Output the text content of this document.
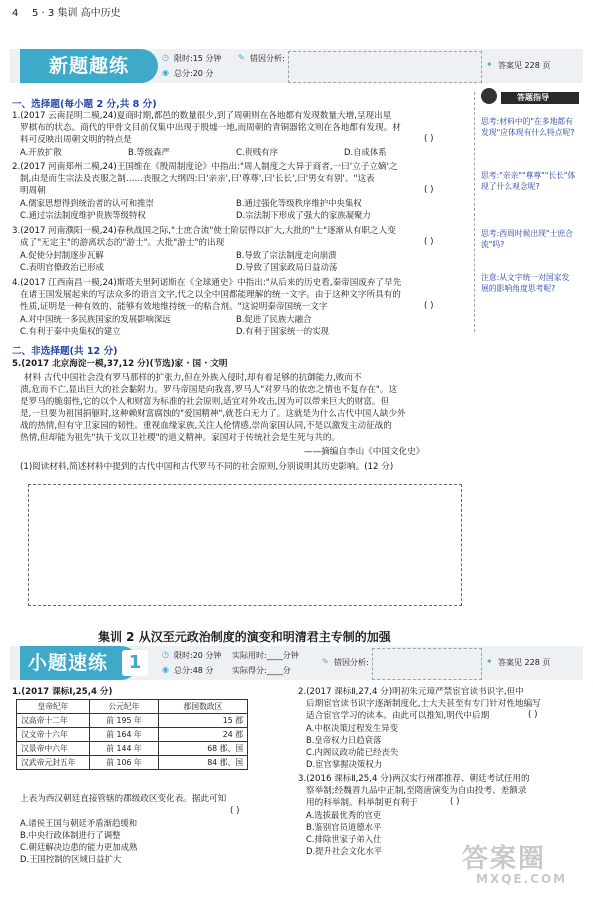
4 5 · 3 集训 高中历史
新题趣练	◷ 限时:15 分钟
◉ 总分:20 分
✎ 错因分析:
✦ 答案见 228 页
一、选择题(每小题 2 分,共 8 分)
1.(2017 云南昆明二模,24)夏商时期,都邑的数量很少,到了周朝则在各地都有发现数量大增,呈现出星
罗棋布的状态。商代的甲骨文目前仅集中出现于殷墟一地,而周朝的青铜器铭文则在各地都有发现。材
料可反映出周朝文明的特点是	( )
A.开放扩散	B.等级森严	C.贵贱有序	D.自成体系
2.(2017 河南郑州二模,24)王国维在《殷周制度论》中指出:"周人制度之大异于商者,一曰'立子立嫡'之
制,由是而生宗法及丧服之制……丧服之大纲四:曰'亲亲',曰'尊尊',曰'长长',曰'男女有别'。"这表
明周朝	( )
A.儒家思想得到统治者的认可和推崇	B.通过强化等级秩序维护中央集权
C.通过宗法制度维护贵族等级特权	D.宗法制下形成了强大的家族凝聚力
3.(2017 河南濮阳一模,24)春秋战国之际,"士庶合流"使士阶层得以扩大,大批的"士"逐渐从有职之人变
成了"无定主"的游离状态的"游士"。大批"游士"的出现	( )
A.促使分封制逐步瓦解	B.导致了宗法制度走向崩溃
C.表明官僚政治已形成	D.导致了国家政局日益动荡
4.(2017 江西南昌一模,24)斯塔夫里阿诺斯在《全球通史》中指出:"从后来的历史看,秦帝国废弃了早先
在诸王国发展起来的写法众多的语言文字,代之以全中国都能理解的统一文字。由于这种文字所具有的
性质,证明是一种有效的、能够有效地维持统一的粘合剂。"这说明秦帝国统一文字	( )
A.对中国统一多民族国家的发展影响深远	B.促进了民族大融合
C.有利于秦中央集权的建立	D.有利于国家统一的实现
二、非选择题(共 12 分)
5.(2017 北京海淀一模,37,12 分)(节选)家 · 国 · 文明
材料 古代中国社会没有罗马那样的扩张力,但在外族入侵时,却有着足够的抗御能力,败而不
溃,危而不亡,显出巨大的社会黏附力。罗马帝国是向我喜,罗马人"对罗马的依恋之情也不复存在"。这
是罗马的脆弱性,它的以个人和财富为标准的社会原则,适宜对外攻击,因为可以带来巨大的财富。但
是,一旦要为祖国捐躯时,这种赖财富腐蚀的"爱国精神",就苍白无力了。这就是为什么古代中国人缺少外
战的热情,但有守卫家园的韧性。重视血缘家族,关注人伦情感,崇尚家国认同,不是以激发主动征战的
热情,但却能为祖先"执干戈以卫社稷"的道义精神。家国对于传统社会是生死与共的。
——摘编自李山《中国文化史》
(1)阅读材料,简述材料中提到的古代中国和古代罗马不同的社会原则,分别说明其历史影响。(12 分)
答题指导
思考:材料中的"在多地都有发现"应体现有什么特点呢?
思考:"亲亲""尊尊""长长"体现了什么观念呢?
思考:西周时候出现"士庶合流"吗?
注意:从文字统一对国家发展的影响角度思考呢?
集训 2 从汉至元政治制度的演变和明清君主专制的加强
小题速练	1	◷ 限时:20 分钟 实际用时:____分钟
◉ 总分:48 分 实际得分:____分
✎ 错因分析:	✦ 答案见 228 页
1.(2017 课标Ⅰ,25,4 分)
皇帝纪年	公元纪年	郡国数政区
汉高帝十二年	前 195 年	15 郡
汉文帝十六年	前 164 年	24 郡
汉景帝中六年	前 144 年	68 郡、国
汉武帝元封五年	前 106 年	84 郡、国
上表为西汉朝廷直接管辖的郡级政区变化表。据此可知
( )
A.诸侯王国与朝廷矛盾渐趋缓和
B.中央行政体制进行了调整
C.朝廷解决边患的能力更加成熟
D.王国控制的区域日益扩大
2.(2017 课标Ⅱ,27,4 分)明初朱元璋严禁宦官读书识字,但中
后期宦官读书识字逐渐制度化,士大夫甚至有专门针对性地编写
适合宦官学习的读本。由此可以推知,明代中后期	( )
A.中枢决策过程发生异变
B.皇帝权力日趋衰落
C.内阁议政功能已经丧失
D.宦官掌握决策权力
3.(2016 课标Ⅱ,25,4 分)两汉实行州郡推荐、朝廷考试任用的
察举制;经魏晋九品中正制,至隋唐演变为自由投考、差额录
用的科举制。科举制更有利于	( )
A.选拔最优秀的官吏
B.鉴别官员道德水平
C.排除世家子弟入仕
D.提升社会文化水平	答案圈
MXQE.COM
